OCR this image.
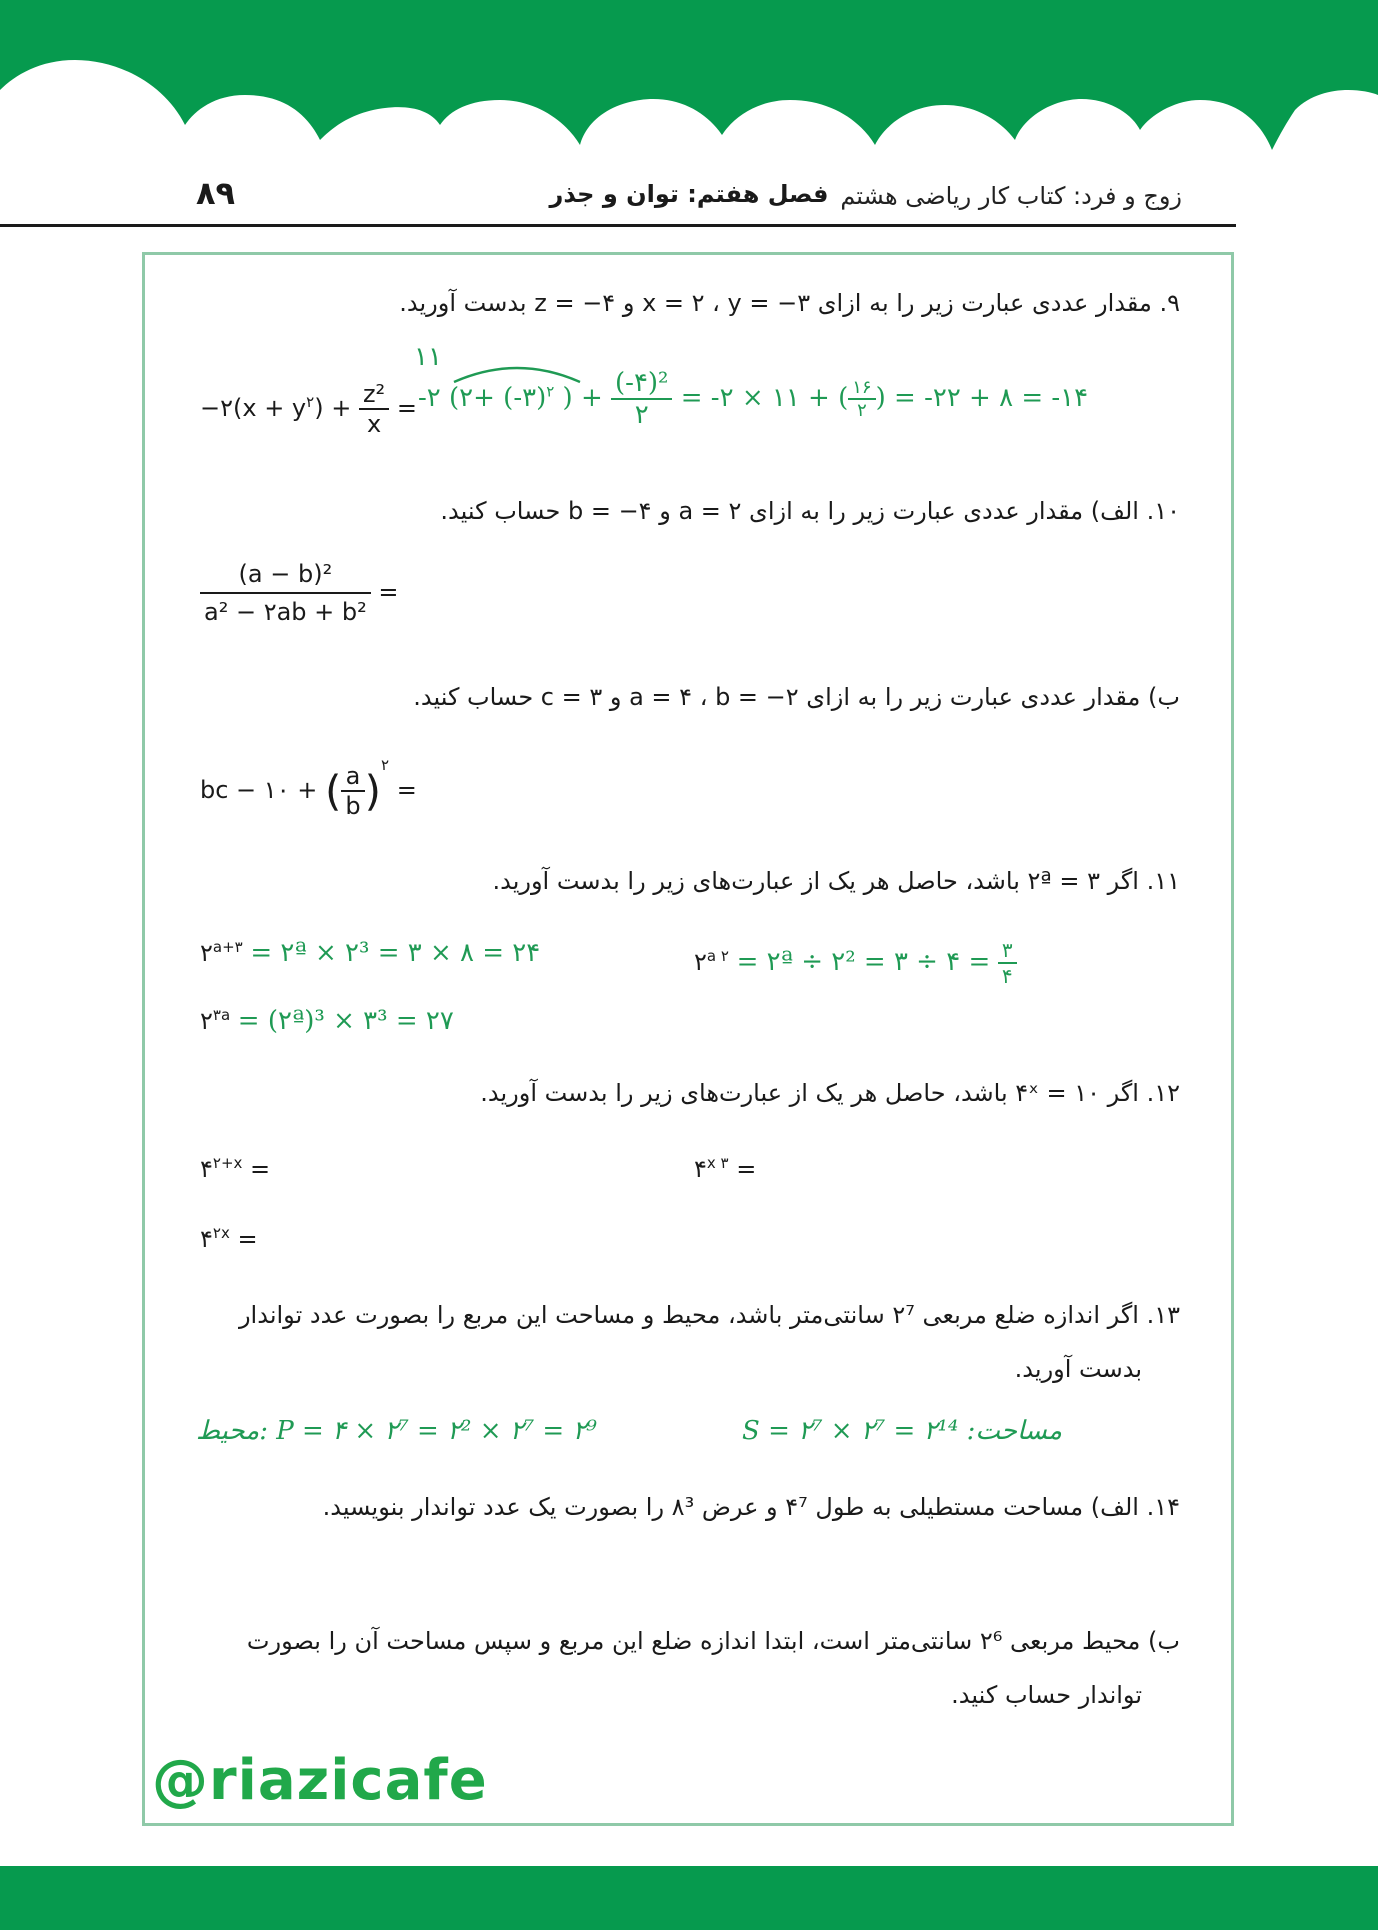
زوج و فرد: کتاب کار ریاضی هشتم
فصل هفتم: توان و جذر
۸۹
۹. مقدار عددی عبارت زیر را به ازای x = ۲ ، y = −۳ و z = −۴ بدست آورید.
−۲(x + $y^۲) + \frac{\text{z²}}{x}$ =
۱۱
-۲ (۲+ (-۳)$^۲$ ) + $\frac{\text{(-۴)²}}{۲}$ = -۲ × ۱۱ + ( $\frac{۱۶}{۲}$ ) = -۲۲ + ۸ = -۱۴
۱۰. الف) مقدار عددی عبارت زیر را به ازای a = ۲ و b = −۴ حساب کنید.
$\frac{\text{(a − b)²}}{\text{a² − ۲ab + b²}}$ =
ب) مقدار عددی عبارت زیر را به ازای a = ۴ ، b = −۲ و c = ۳ حساب کنید.
bc − ۱۰ + ( $\frac{a}{b} )^۲$ =
۱۱. اگر ۲ª = ۳ باشد، حاصل هر یک از عبارت‌های زیر را بدست آورید.
$۲^{a+۳}$ = ۲ª × ۲³ = ۳ × ۸ = ۲۴	$۲^{a ۲}$ = ۲ª ÷ ۲² = ۳ ÷ ۴ = $\frac{۳}{۴}$
$۲^{۳a}$ = (۲ª)³ × ۳³ = ۲۷
۱۲. اگر ۴ˣ = ۱۰ باشد، حاصل هر یک از عبارت‌های زیر را بدست آورید.
$۴^{۲+x}$ =	$۴^{x ۳}$ =
$۴^{۲x}$ =
۱۳. اگر اندازه ضلع مربعی ۲⁷ سانتی‌متر باشد، محیط و مساحت این مربع را بصورت عدد تواندار
بدست آورید.
محیط: P = ۴ × ۲⁷ = ۲² × ۲⁷ = ۲⁹	مساحت: S = ۲⁷ × ۲⁷ = ۲¹⁴
۱۴. الف) مساحت مستطیلی به طول ۴⁷ و عرض ۸³ را بصورت یک عدد تواندار بنویسید.
ب) محیط مربعی ۲⁶ سانتی‌متر است، ابتدا اندازه ضلع این مربع و سپس مساحت آن را بصورت
تواندار حساب کنید.
@riazicafe
